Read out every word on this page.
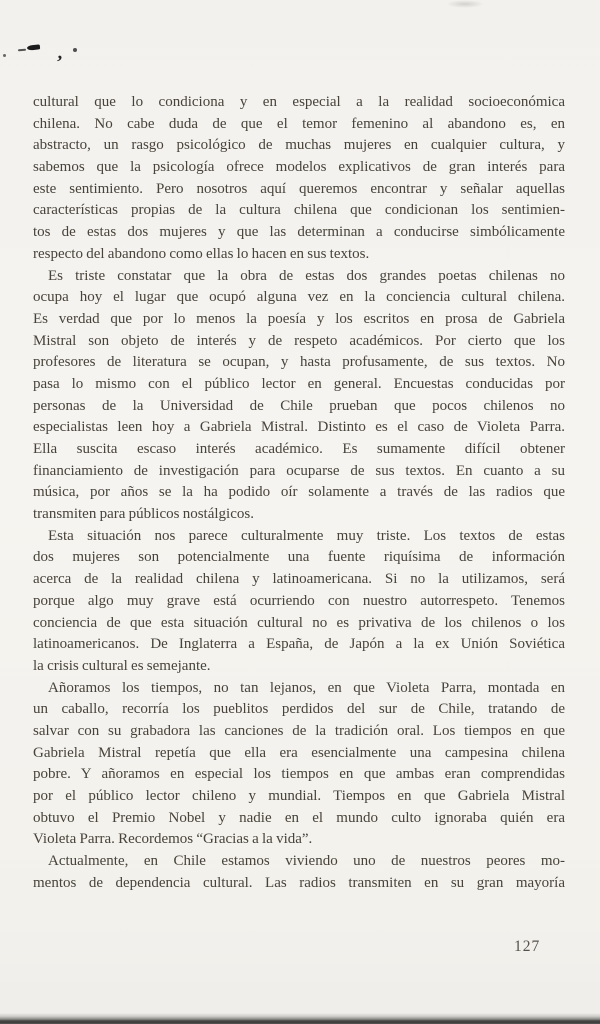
,
cultural que lo condiciona y en especial a la realidad socioeconómica
chilena. No cabe duda de que el temor femenino al abandono es, en
abstracto, un rasgo psicológico de muchas mujeres en cualquier cultura, y
sabemos que la psicología ofrece modelos explicativos de gran interés para
este sentimiento. Pero nosotros aquí queremos encontrar y señalar aquellas
características propias de la cultura chilena que condicionan los sentimien-
tos de estas dos mujeres y que las determinan a conducirse simbólicamente
respecto del abandono como ellas lo hacen en sus textos.
Es triste constatar que la obra de estas dos grandes poetas chilenas no
ocupa hoy el lugar que ocupó alguna vez en la conciencia cultural chilena.
Es verdad que por lo menos la poesía y los escritos en prosa de Gabriela
Mistral son objeto de interés y de respeto académicos. Por cierto que los
profesores de literatura se ocupan, y hasta profusamente, de sus textos. No
pasa lo mismo con el público lector en general. Encuestas conducidas por
personas de la Universidad de Chile prueban que pocos chilenos no
especialistas leen hoy a Gabriela Mistral. Distinto es el caso de Violeta Parra.
Ella suscita escaso interés académico. Es sumamente difícil obtener
financiamiento de investigación para ocuparse de sus textos. En cuanto a su
música, por años se la ha podido oír solamente a través de las radios que
transmiten para públicos nostálgicos.
Esta situación nos parece culturalmente muy triste. Los textos de estas
dos mujeres son potencialmente una fuente riquísima de información
acerca de la realidad chilena y latinoamericana. Si no la utilizamos, será
porque algo muy grave está ocurriendo con nuestro autorrespeto. Tenemos
conciencia de que esta situación cultural no es privativa de los chilenos o los
latinoamericanos. De Inglaterra a España, de Japón a la ex Unión Soviética
la crisis cultural es semejante.
Añoramos los tiempos, no tan lejanos, en que Violeta Parra, montada en
un caballo, recorría los pueblitos perdidos del sur de Chile, tratando de
salvar con su grabadora las canciones de la tradición oral. Los tiempos en que
Gabriela Mistral repetía que ella era esencialmente una campesina chilena
pobre. Y añoramos en especial los tiempos en que ambas eran comprendidas
por el público lector chileno y mundial. Tiempos en que Gabriela Mistral
obtuvo el Premio Nobel y nadie en el mundo culto ignoraba quién era
Violeta Parra. Recordemos “Gracias a la vida”.
Actualmente, en Chile estamos viviendo uno de nuestros peores mo-
mentos de dependencia cultural. Las radios transmiten en su gran mayoría
127
